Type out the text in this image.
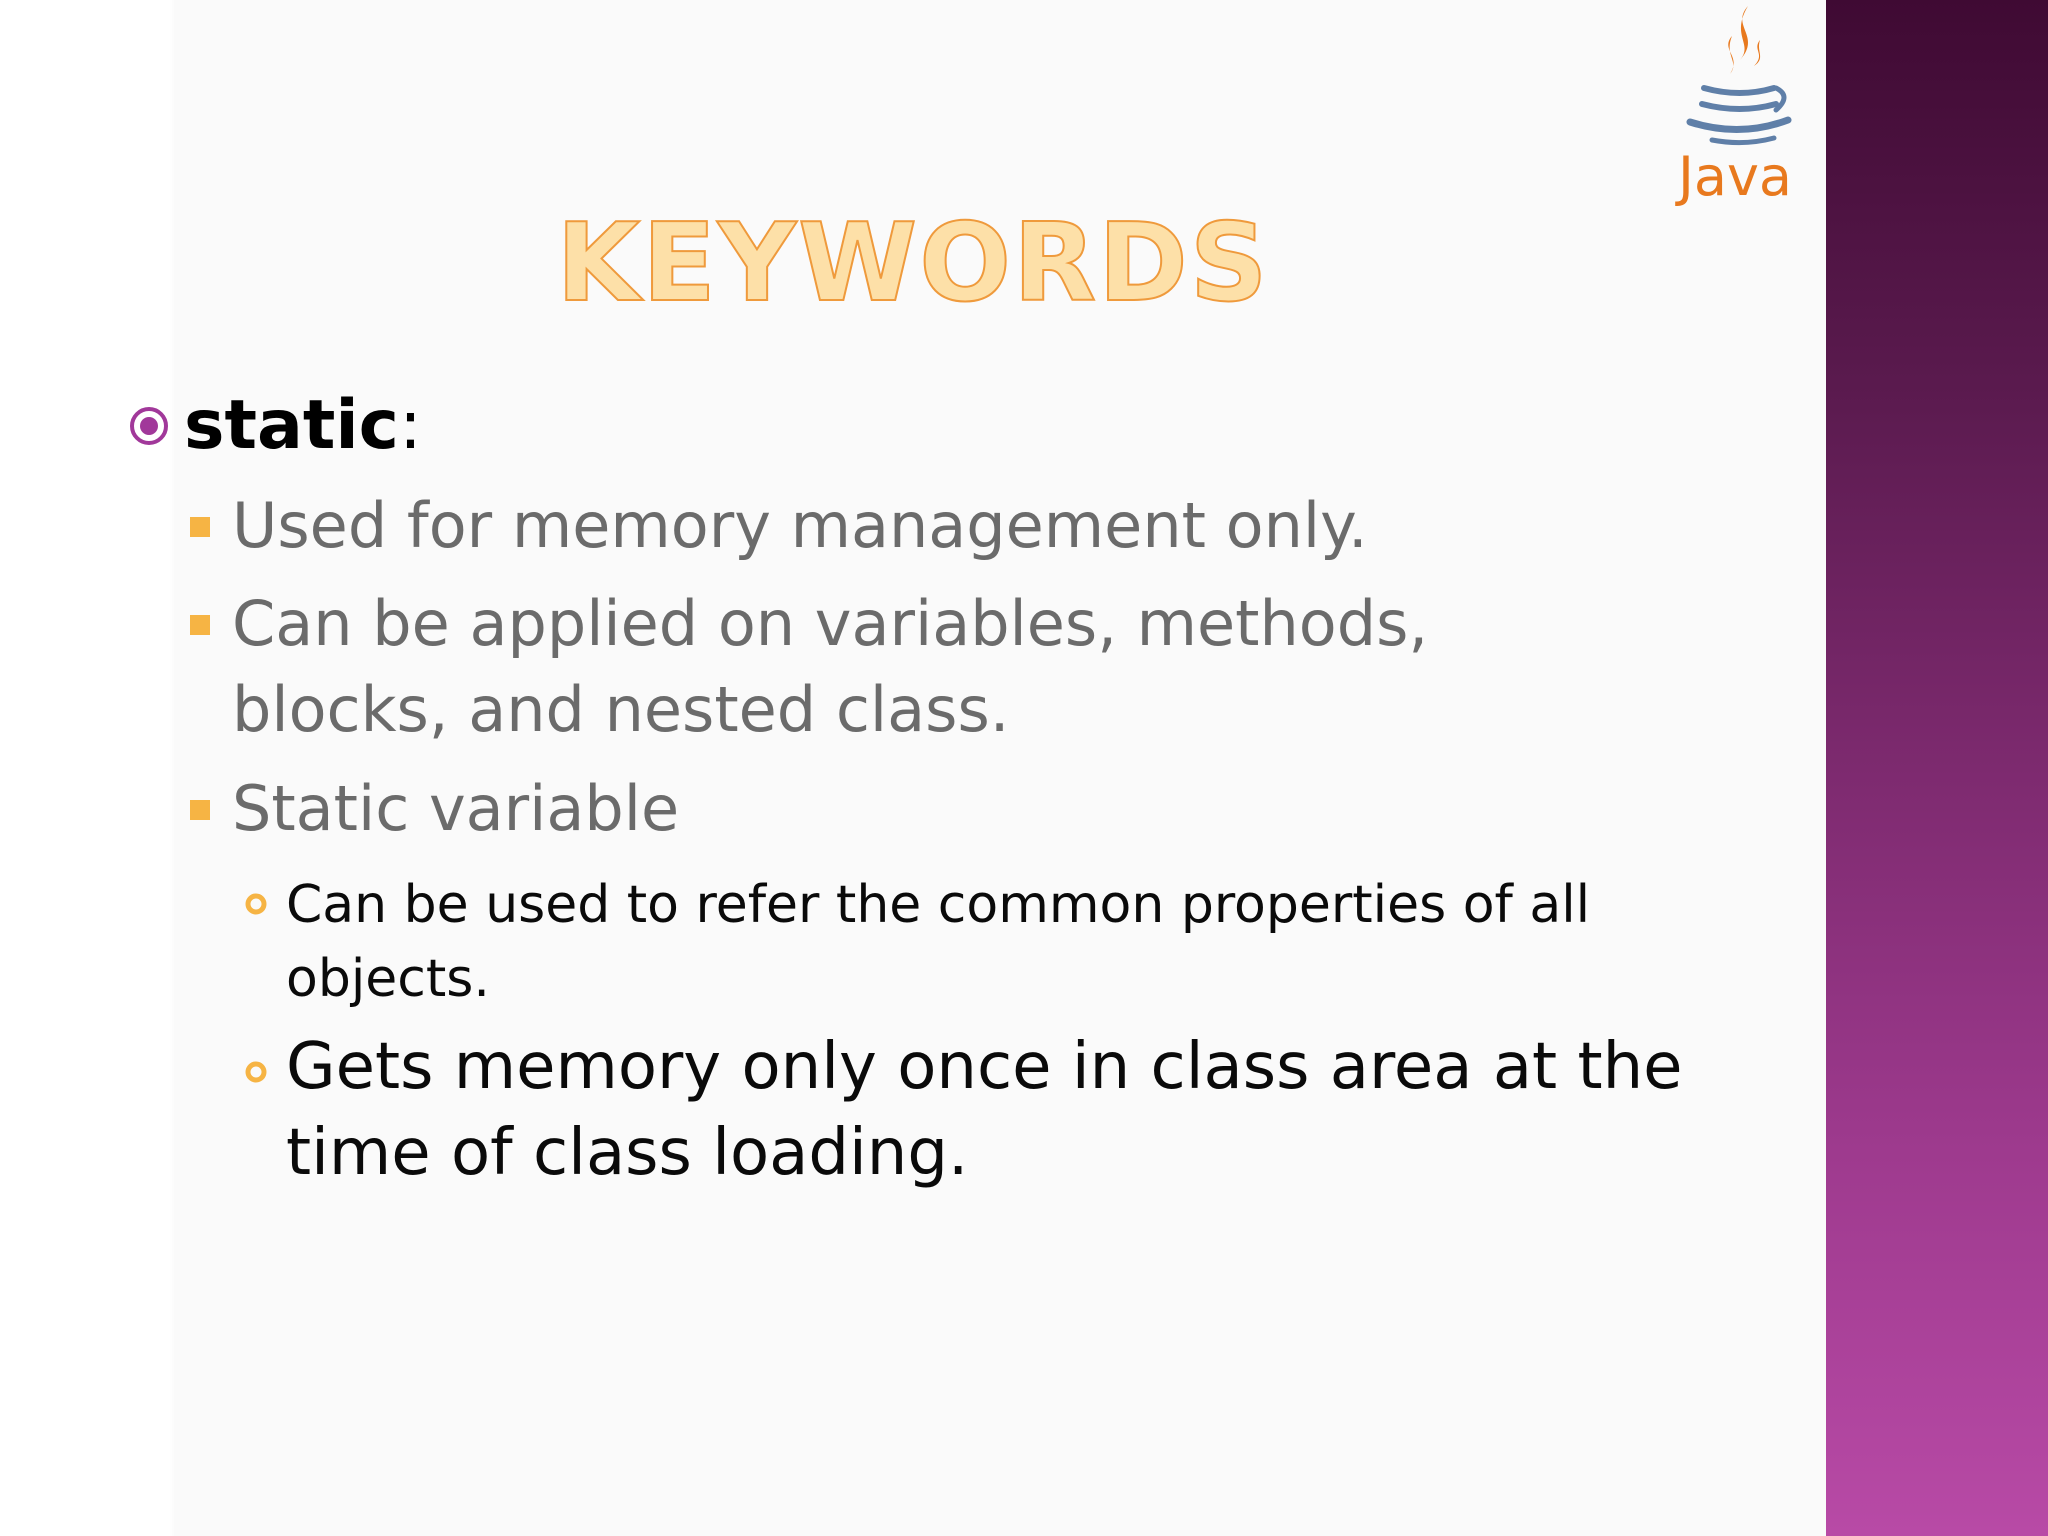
Java
KEYWORDS
static:
Used for memory management only.
Can be applied on variables, methods, blocks, and nested class.
Static variable
Can be used to refer the common properties of all objects.
Gets memory only once in class area at the time of class loading.
